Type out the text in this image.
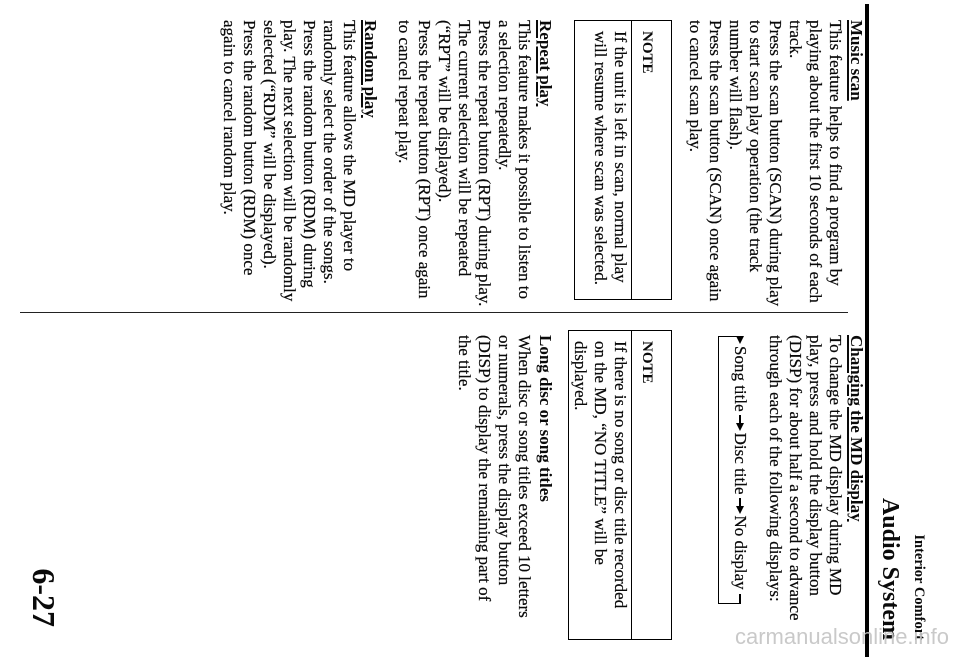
Interior Comfort
Audio System
Music scan
This feature helps to find a program by
playing about the first 10 seconds of each
track.
Press the scan button (SCAN) during play
to start scan play operation (the track
number will flash).
Press the scan button (SCAN) once again
to cancel scan play.
NOTE
If the unit is left in scan, normal play
will resume where scan was selected.
Repeat play
This feature makes it possible to listen to
a selection repeatedly.
Press the repeat button (RPT) during play.
The current selection will be repeated
(“RPT” will be displayed).
Press the repeat button (RPT) once again
to cancel repeat play.
Random play
This feature allows the MD player to
randomly select the order of the songs.
Press the random button (RDM) during
play. The next selection will be randomly
selected (“RDM” will be displayed).
Press the random button (RDM) once
again to cancel random play.
Changing the MD display
To change the MD display during MD
play, press and hold the display button
(DISP) for about half a second to advance
through each of the following displays:
Song title
Disc title
No display
NOTE
If there is no song or disc title recorded
on the MD, “NO TITLE” will be
displayed.
Long disc or song titles
When disc or song titles exceed 10 letters
or numerals, press the display button
(DISP) to display the remaining part of
the title.
6-27
carmanualsonline.info
